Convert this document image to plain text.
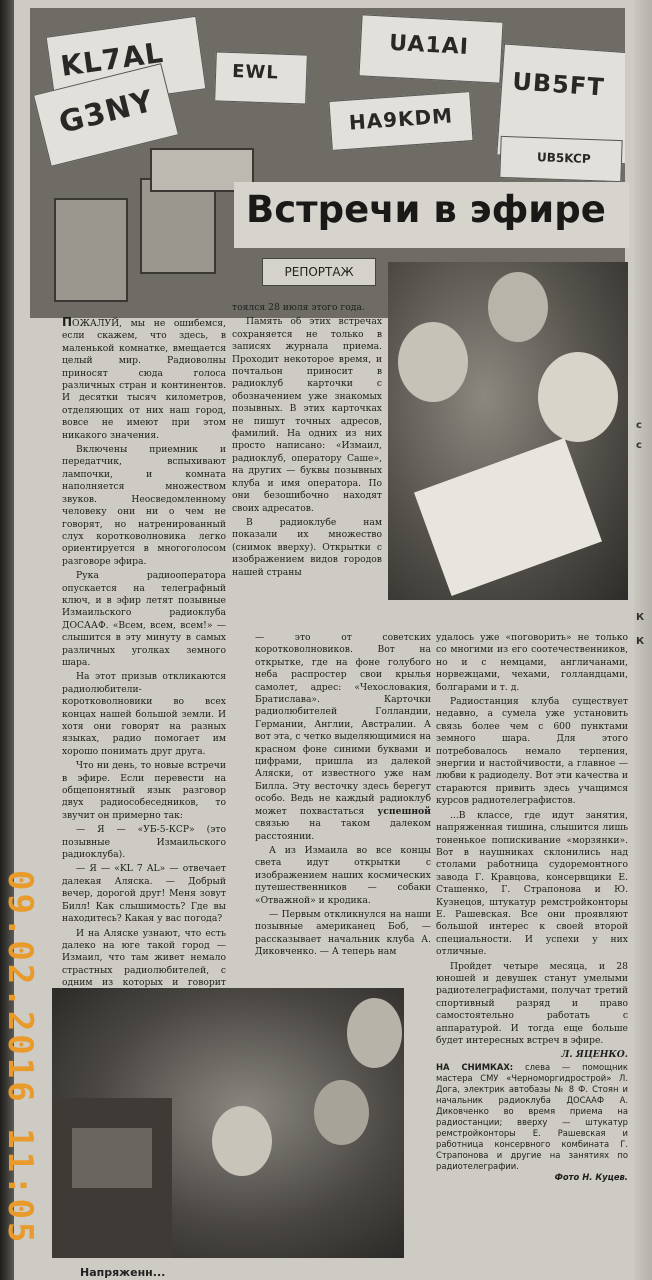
KL7AL	UA1AI
UB5FT
G3NY	HA9KDM
EWL
UB5KCP
Встречи в эфире
РЕПОРТАЖ

ПОЖАЛУЙ, мы не ошибемся, если скажем, что здесь, в маленькой комнатке, вмещается целый мир. Радиоволны приносят сюда голоса различных стран и континентов. И десятки тысяч километров, отделяющих от них наш город, вовсе не имеют при этом никакого значения.

Включены приемник и передатчик, вспыхивают лампочки, и комната наполняется множеством звуков. Неосведомленному человеку они ни о чем не говорят, но натренированный слух коротковолновика легко ориентируется в многоголосом разговоре эфира.

Рука радиооператора опускается на телеграфный ключ, и в эфир летят позывные Измаильского радиоклуба ДОСААФ. «Всем, всем, всем!» — слышится в эту минуту в самых различных уголках земного шара.

На этот призыв откликаются радиолюбители-коротковолновики во всех концах нашей большой земли. И хотя они говорят на разных языках, радио помогает им хорошо понимать друг друга.

Что ни день, то новые встречи в эфире. Если перевести на общепонятный язык разговор двух радиособеседников, то звучит он примерно так:

— Я — «УБ-5-КСР» (это позывные Измаильского радиоклуба).

— Я — «KL 7 AL» — отвечает далекая Аляска. — Добрый вечер, дорогой друг! Меня зовут Билл! Как слышимость? Где вы находитесь? Какая у вас погода?

И на Аляске узнают, что есть далеко на юге такой город — Измаил, что там живет немало страстных радиолюбителей, с одним из которых и говорит

тоялся 28 июля этого года.

Память об этих встречах сохраняется не только в записях журнала приема. Проходит некоторое время, и почтальон приносит в радиоклуб карточки с обозначением уже знакомых позывных. В этих карточках не пишут точных адресов, фамилий. На одних из них просто написано: «Измаил, радиоклуб, оператору Саше», на других — буквы позывных клуба и имя оператора. По они безошибочно находят своих адресатов.

В радиоклубе нам показали их множество (снимок вверху). Открытки с изображением видов городов нашей страны

— это от советских коротковолновиков. Вот на открытке, где на фоне голубого неба распростер свои крылья самолет, адрес: «Чехословакия, Братислава». Карточки радиолюбителей Голландии, Германии, Англии, Австралии. А вот эта, с четко выделяющимися на красном фоне синими буквами и цифрами, пришла из далекой Аляски, от известного уже нам Билла. Эту весточку здесь берегут особо. Ведь не каждый радиоклуб может похвастаться успешной связью на таком далеком расстоянии.

А из Измаила во все концы света идут открытки с изображением наших космических путешественников — собаки «Отважной» и кродика.

— Первым откликнулся на наши позывные американец Боб, — рассказывает начальник клуба А. Диковченко. — А теперь нам

удалось уже «поговорить» не только со многими из его соотечественников, но и с немцами, англичанами, норвежцами, чехами, голландцами, болгарами и т. д.

Радиостанция клуба существует недавно, а сумела уже установить связь более чем с 600 пунктами земного шара. Для этого потребовалось немало терпения, энергии и настойчивости, а главное — любви к радиоделу. Вот эти качества и стараются привить здесь учащимся курсов радиотелеграфистов.

...В классе, где идут занятия, напряженная тишина, слышится лишь тоненькое попискивание «морзянки». Вот в наушниках склонились над столами работница судоремонтного завода Г. Кравцова, консервщики Е. Сташенко, Г. Страпонова и Ю. Кузнецов, штукатур ремстройконторы Е. Рашевская. Все они проявляют большой интерес к своей второй специальности. И успехи у них отличные.

Пройдет четыре месяца, и 28 юношей и девушек станут умелыми радиотелеграфистами, получат третий спортивный разряд и право самостоятельно работать с аппаратурой. И тогда еще больше будет интересных встреч в эфире.

Л. ЯЦЕНКО.
НА СНИМКАХ: слева — помощник мастера СМУ «Черноморгидрострой» Л. Дога, электрик автобазы № 8 Ф. Стоян и начальник радиоклуба ДОСААФ А. Диковченко во время приема на радиостанции; вверху — штукатур ремстройконторы Е. Рашевская и работница консервного комбината Г. Страпонова и другие на занятиях по радиотелеграфии.
Фото Н. Куцев.
09.02.2016 11:05
К
К
с
с
Напряженн...
